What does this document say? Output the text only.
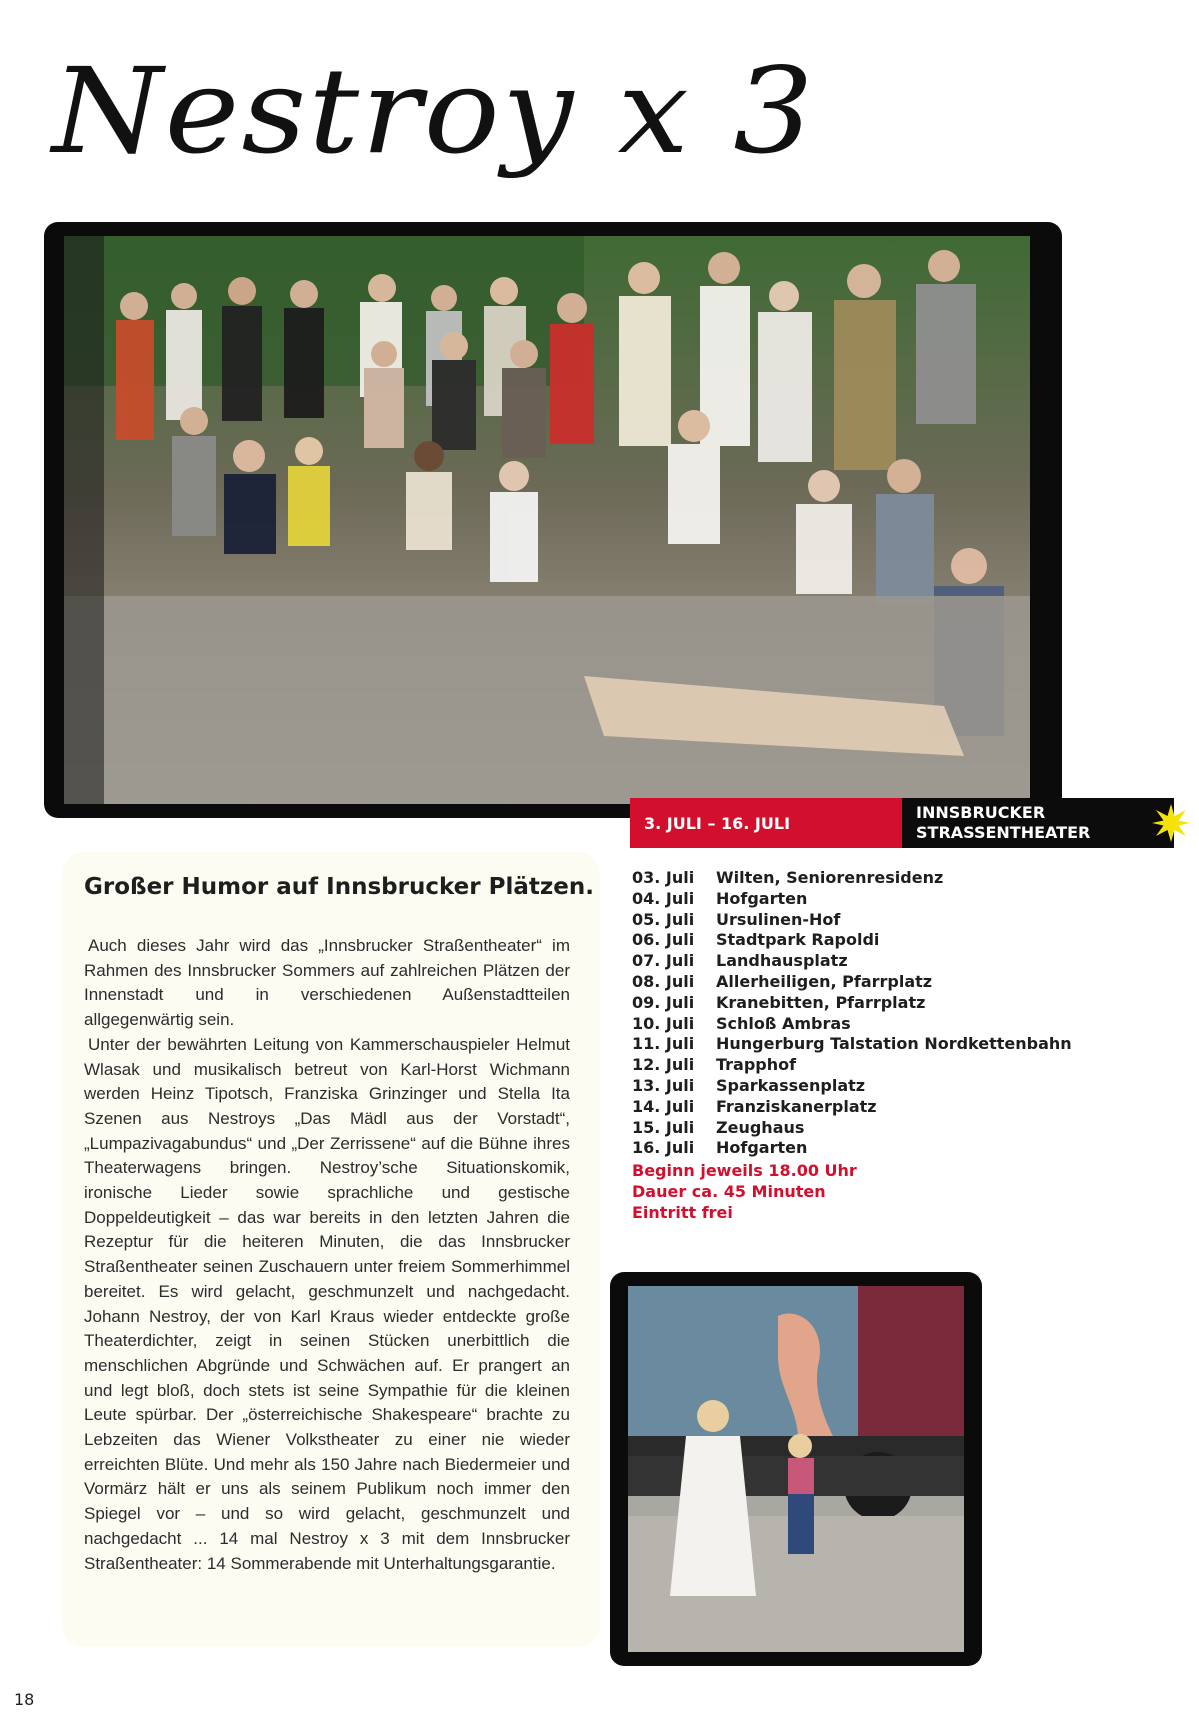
Nestroy x 3
3. JULI – 16. JULI
INNSBRUCKER
STRASSENTHEATER
Großer Humor auf Innsbrucker Plätzen.

Auch dieses Jahr wird das „Innsbrucker Straßentheater“ im Rahmen des Innsbrucker Sommers auf zahlreichen Plätzen der Innenstadt und in verschiedenen Außenstadtteilen allgegenwärtig sein.

Unter der bewährten Leitung von Kammerschauspieler Helmut Wlasak und musikalisch betreut von Karl-Horst Wichmann werden Heinz Tipotsch, Franziska Grinzinger und Stella Ita Szenen aus Nestroys „Das Mädl aus der Vorstadt“, „Lumpazivagabundus“ und „Der Zerrissene“ auf die Bühne ihres Theaterwagens bringen. Nestroy’sche Situationskomik, ironische Lieder sowie sprachliche und gestische Doppeldeutigkeit – das war bereits in den letzten Jahren die Rezeptur für die heiteren Minuten, die das Innsbrucker Straßentheater seinen Zuschauern unter freiem Sommerhimmel bereitet. Es wird gelacht, geschmunzelt und nachgedacht. Johann Nestroy, der von Karl Kraus wieder entdeckte große Theaterdichter, zeigt in seinen Stücken unerbittlich die menschlichen Abgründe und Schwächen auf. Er prangert an und legt bloß, doch stets ist seine Sympathie für die kleinen Leute spürbar. Der „österreichische Shakespeare“ brachte zu Lebzeiten das Wiener Volkstheater zu einer nie wieder erreichten Blüte. Und mehr als 150 Jahre nach Biedermeier und Vormärz hält er uns als seinem Publikum noch immer den Spiegel vor – und so wird gelacht, geschmunzelt und nachgedacht ... 14 mal Nestroy x 3 mit dem Innsbrucker Straßentheater: 14 Sommerabende mit Unterhaltungsgarantie.

03. Juli	Wilten, Seniorenresidenz
04. Juli	Hofgarten
05. Juli	Ursulinen-Hof
06. Juli	Stadtpark Rapoldi
07. Juli	Landhausplatz
08. Juli	Allerheiligen, Pfarrplatz
09. Juli	Kranebitten, Pfarrplatz
10. Juli	Schloß Ambras
11. Juli	Hungerburg Talstation Nordkettenbahn
12. Juli	Trapphof
13. Juli	Sparkassenplatz
14. Juli	Franziskanerplatz
15. Juli	Zeughaus
16. Juli	Hofgarten
Beginn jeweils 18.00 Uhr
Dauer ca. 45 Minuten
Eintritt frei
18
